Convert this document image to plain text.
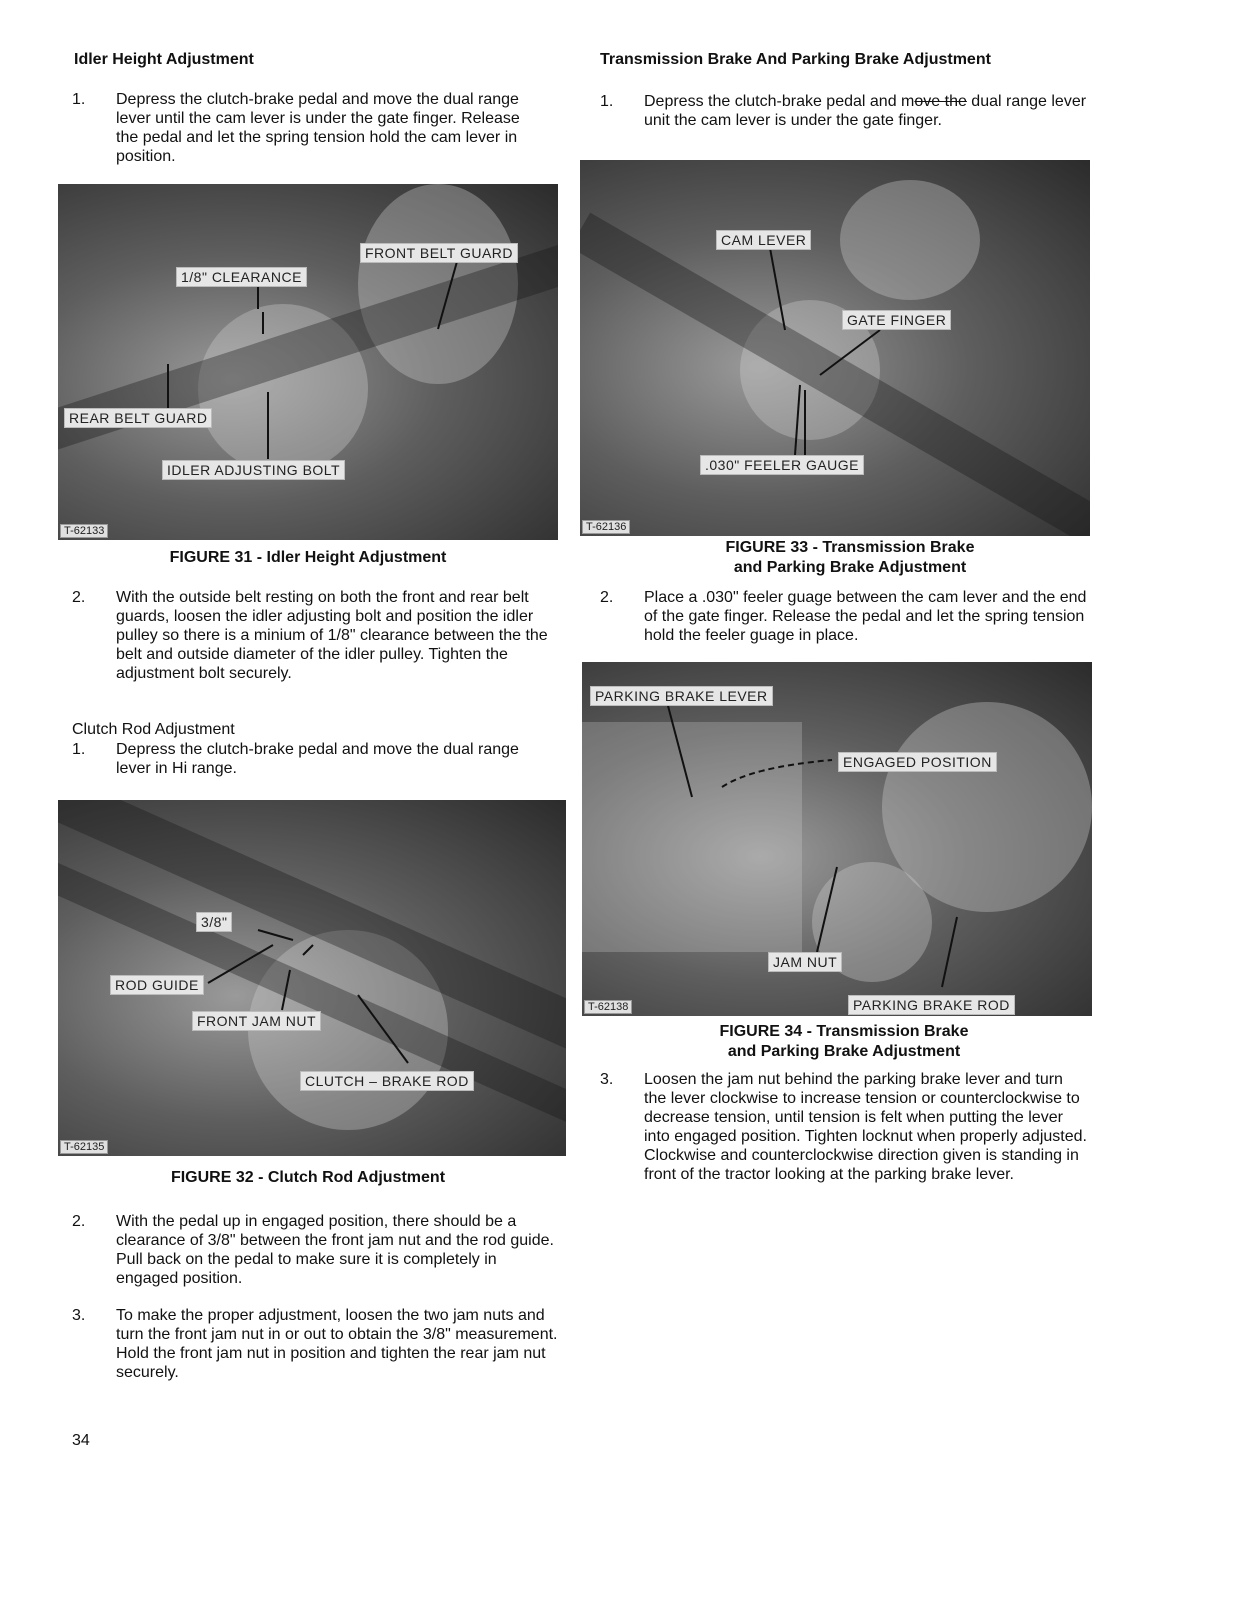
Idler Height Adjustment
1. Depress the clutch-brake pedal and move the dual range lever until the cam lever is under the gate finger. Release the pedal and let the spring tension hold the cam lever in position.
FRONT BELT GUARD
1/8" CLEARANCE
REAR BELT GUARD
IDLER ADJUSTING BOLT
T-62133
FIGURE 31 - Idler Height Adjustment
2. With the outside belt resting on both the front and rear belt guards, loosen the idler adjusting bolt and position the idler pulley so there is a minium of 1/8" clearance between the the belt and outside diameter of the idler pulley. Tighten the adjustment bolt securely.
Clutch Rod Adjustment
1. Depress the clutch-brake pedal and move the dual range lever in Hi range.
3/8"
ROD GUIDE
FRONT JAM NUT
CLUTCH – BRAKE ROD
T-62135
FIGURE 32 - Clutch Rod Adjustment
2. With the pedal up in engaged position, there should be a clearance of 3/8" between the front jam nut and the rod guide. Pull back on the pedal to make sure it is completely in engaged position.
3. To make the proper adjustment, loosen the two jam nuts and turn the front jam nut in or out to obtain the 3/8" measurement. Hold the front jam nut in position and tighten the rear jam nut securely.
34
Transmission Brake And Parking Brake Adjustment
1. Depress the clutch-brake pedal and move the dual range lever unit the cam lever is under the gate finger.
CAM LEVER
GATE FINGER
.030" FEELER GAUGE
T-62136
FIGURE 33 - Transmission Brake
and Parking Brake Adjustment
2. Place a .030" feeler guage between the cam lever and the end of the gate finger. Release the pedal and let the spring tension hold the feeler guage in place.
PARKING BRAKE LEVER
ENGAGED POSITION
JAM NUT
PARKING BRAKE ROD
T-62138
FIGURE 34 - Transmission Brake
and Parking Brake Adjustment
3. Loosen the jam nut behind the parking brake lever and turn the lever clockwise to increase tension or counterclockwise to decrease tension, until tension is felt when putting the lever into engaged position. Tighten locknut when properly adjusted. Clockwise and counterclockwise direction given is standing in front of the tractor looking at the parking brake lever.
